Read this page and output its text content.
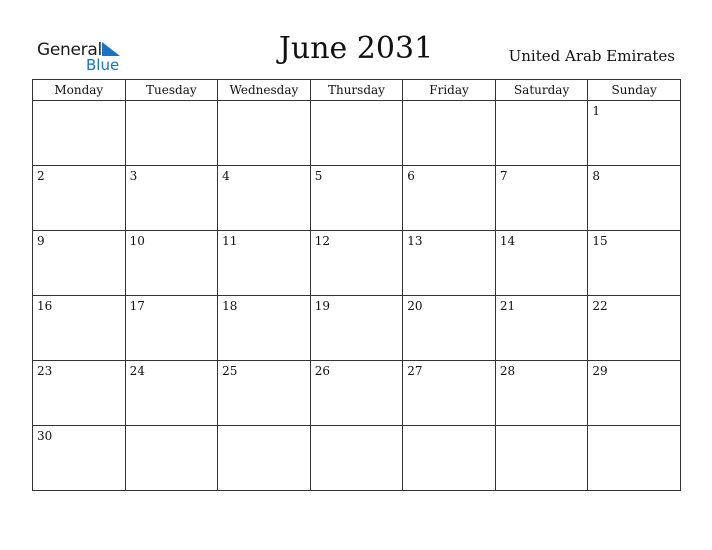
General
Blue	June 2031	United Arab Emirates
Monday	Tuesday	Wednesday	Thursday	Friday	Saturday	Sunday

						1

2	3	4	5	6	7	8

9	10	11	12	13	14	15

16	17	18	19	20	21	22

23	24	25	26	27	28	29

30						
